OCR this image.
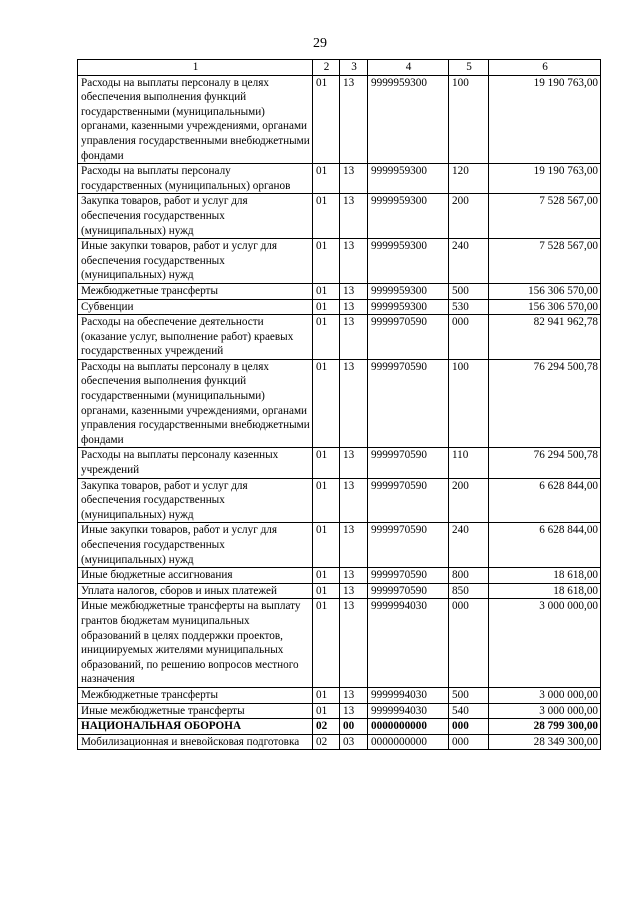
29
1	2	3	4	5	6
Расходы на выплаты персоналу в целях обеспечения выполнения функций государственными (муниципальными) органами, казенными учреждениями, органами управления государственными внебюджетными фондами	01	13	9999959300	100	19 190 763,00
Расходы на выплаты персоналу государственных (муниципальных) органов	01	13	9999959300	120	19 190 763,00
Закупка товаров, работ и услуг для обеспечения государственных (муниципальных) нужд	01	13	9999959300	200	7 528 567,00
Иные закупки товаров, работ и услуг для обеспечения государственных (муниципальных) нужд	01	13	9999959300	240	7 528 567,00
Межбюджетные трансферты	01	13	9999959300	500	156 306 570,00
Субвенции	01	13	9999959300	530	156 306 570,00
Расходы на обеспечение деятельности (оказание услуг, выполнение работ) краевых государственных учреждений	01	13	9999970590	000	82 941 962,78
Расходы на выплаты персоналу в целях обеспечения выполнения функций государственными (муниципальными) органами, казенными учреждениями, органами управления государственными внебюджетными фондами	01	13	9999970590	100	76 294 500,78
Расходы на выплаты персоналу казенных учреждений	01	13	9999970590	110	76 294 500,78
Закупка товаров, работ и услуг для обеспечения государственных (муниципальных) нужд	01	13	9999970590	200	6 628 844,00
Иные закупки товаров, работ и услуг для обеспечения государственных (муниципальных) нужд	01	13	9999970590	240	6 628 844,00
Иные бюджетные ассигнования	01	13	9999970590	800	18 618,00
Уплата налогов, сборов и иных платежей	01	13	9999970590	850	18 618,00
Иные межбюджетные трансферты на выплату грантов бюджетам муниципальных образований в целях поддержки проектов, инициируемых жителями муниципальных образований, по решению вопросов местного назначения	01	13	9999994030	000	3 000 000,00
Межбюджетные трансферты	01	13	9999994030	500	3 000 000,00
Иные межбюджетные трансферты	01	13	9999994030	540	3 000 000,00
НАЦИОНАЛЬНАЯ ОБОРОНА	02	00	0000000000	000	28 799 300,00
Мобилизационная и вневойсковая подготовка	02	03	0000000000	000	28 349 300,00
